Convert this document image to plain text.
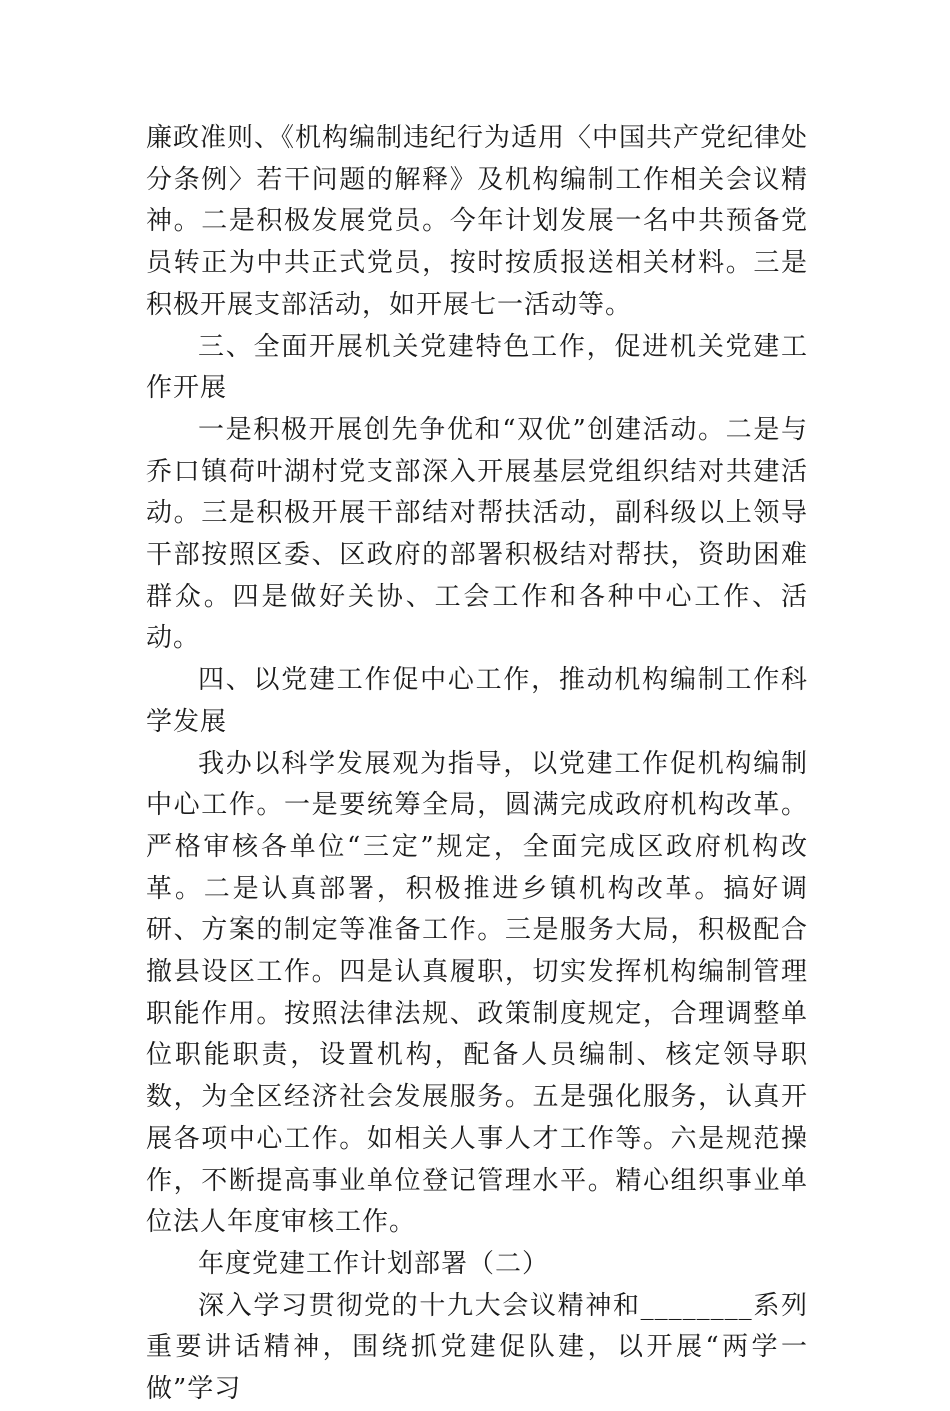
廉政准则、《机构编制违纪行为适用〈中国共产党纪律处分条例〉若干问题的解释》及机构编制工作相关会议精神。二是积极发展党员。今年计划发展一名中共预备党员转正为中共正式党员，按时按质报送相关材料。三是积极开展支部活动，如开展七一活动等。

三、全面开展机关党建特色工作，促进机关党建工作开展

一是积极开展创先争优和“双优”创建活动。二是与乔口镇荷叶湖村党支部深入开展基层党组织结对共建活动。三是积极开展干部结对帮扶活动，副科级以上领导干部按照区委、区政府的部署积极结对帮扶，资助困难群众。四是做好关协、工会工作和各种中心工作、活动。

四、以党建工作促中心工作，推动机构编制工作科学发展

我办以科学发展观为指导，以党建工作促机构编制中心工作。一是要统筹全局，圆满完成政府机构改革。严格审核各单位“三定”规定，全面完成区政府机构改革。二是认真部署，积极推进乡镇机构改革。搞好调研、方案的制定等准备工作。三是服务大局，积极配合撤县设区工作。四是认真履职，切实发挥机构编制管理职能作用。按照法律法规、政策制度规定，合理调整单位职能职责，设置机构，配备人员编制、核定领导职数，为全区经济社会发展服务。五是强化服务，认真开展各项中心工作。如相关人事人才工作等。六是规范操作，不断提高事业单位登记管理水平。精心组织事业单位法人年度审核工作。

年度党建工作计划部署（二）

深入学习贯彻党的十九大会议精神和________系列重要讲话精神，围绕抓党建促队建，以开展“两学一做”学习
